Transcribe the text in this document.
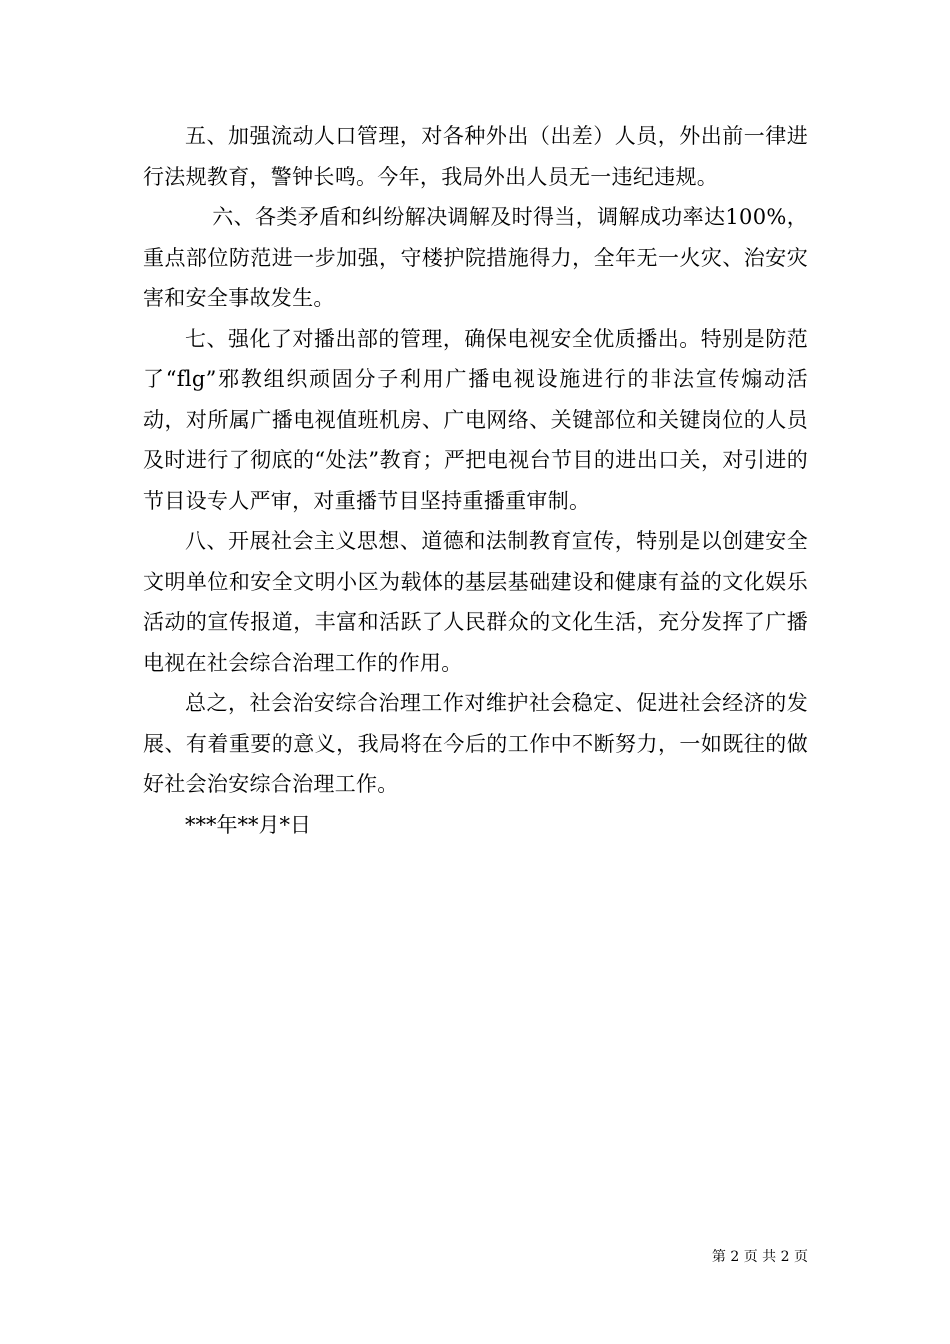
五、加强流动人口管理，对各种外出（出差）人员，外出前一律进行法规教育，警钟长鸣。今年，我局外出人员无一违纪违规。

六、各类矛盾和纠纷解决调解及时得当，调解成功率达100%，重点部位防范进一步加强，守楼护院措施得力，全年无一火灾、治安灾害和安全事故发生。

七、强化了对播出部的管理，确保电视安全优质播出。特别是防范了“flg”邪教组织顽固分子利用广播电视设施进行的非法宣传煽动活动，对所属广播电视值班机房、广电网络、关键部位和关键岗位的人员及时进行了彻底的“处法”教育；严把电视台节目的进出口关，对引进的节目设专人严审，对重播节目坚持重播重审制。

八、开展社会主义思想、道德和法制教育宣传，特别是以创建安全文明单位和安全文明小区为载体的基层基础建设和健康有益的文化娱乐活动的宣传报道，丰富和活跃了人民群众的文化生活，充分发挥了广播电视在社会综合治理工作的作用。

总之，社会治安综合治理工作对维护社会稳定、促进社会经济的发展、有着重要的意义，我局将在今后的工作中不断努力，一如既往的做好社会治安综合治理工作。

***年**月*日

第 2 页 共 2 页
